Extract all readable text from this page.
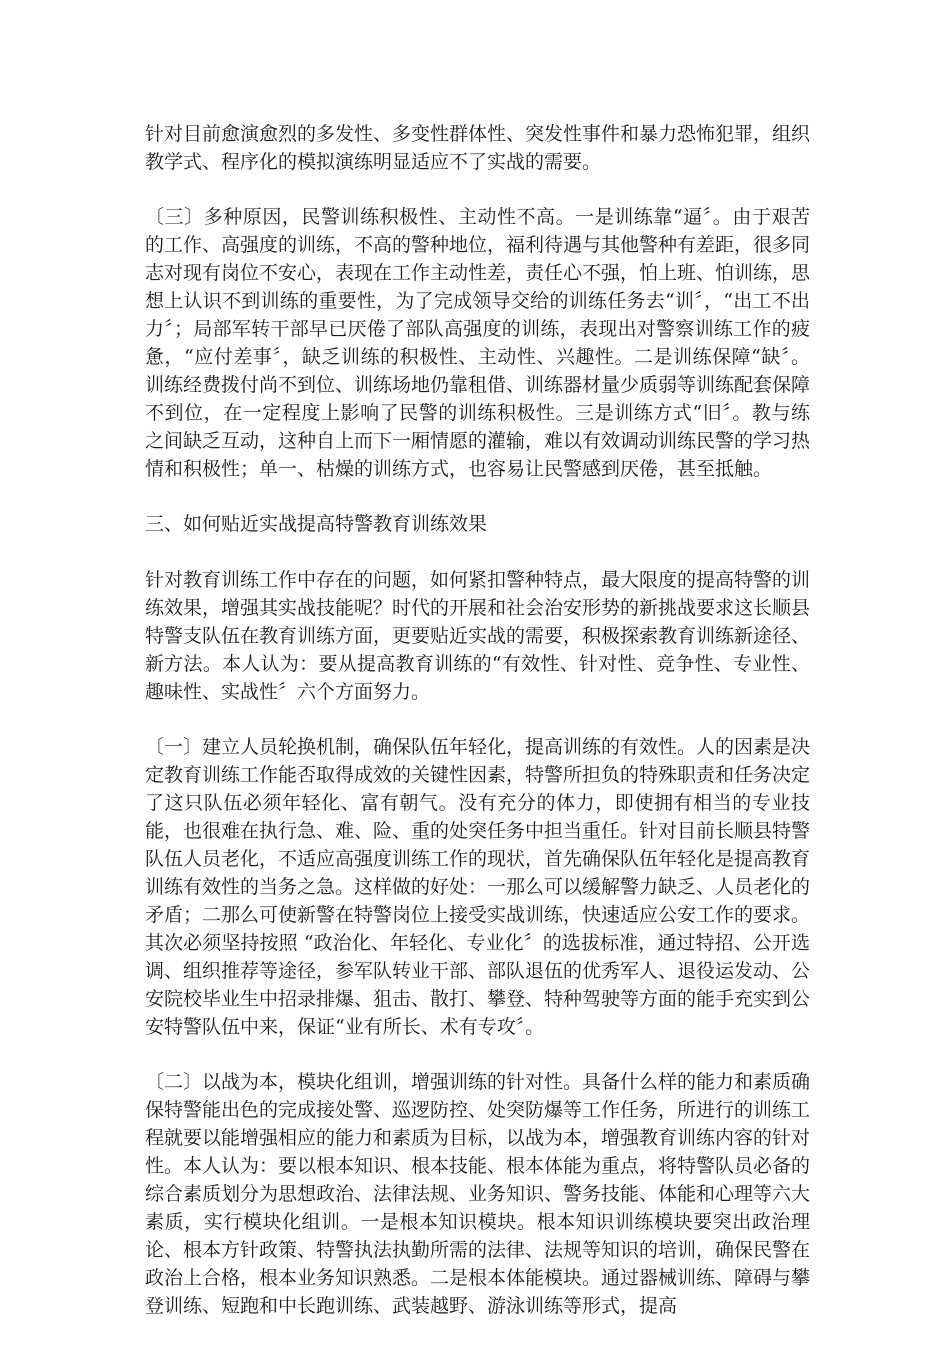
针对目前愈演愈烈的多发性、多变性群体性、突发性事件和暴力恐怖犯罪，组织教学式、程序化的模拟演练明显适应不了实战的需要。

〔三〕多种原因，民警训练积极性、主动性不高。一是训练靠“逼〞。由于艰苦的工作、高强度的训练，不高的警种地位，福利待遇与其他警种有差距，很多同志对现有岗位不安心，表现在工作主动性差，责任心不强，怕上班、怕训练，思想上认识不到训练的重要性，为了完成领导交给的训练任务去“训〞，“出工不出力〞；局部军转干部早已厌倦了部队高强度的训练，表现出对警察训练工作的疲惫，“应付差事〞，缺乏训练的积极性、主动性、兴趣性。二是训练保障“缺〞。训练经费拨付尚不到位、训练场地仍靠租借、训练器材量少质弱等训练配套保障不到位，在一定程度上影响了民警的训练积极性。三是训练方式“旧〞。教与练之间缺乏互动，这种自上而下一厢情愿的灌输，难以有效调动训练民警的学习热情和积极性；单一、枯燥的训练方式，也容易让民警感到厌倦，甚至抵触。

三、如何贴近实战提高特警教育训练效果

针对教育训练工作中存在的问题，如何紧扣警种特点，最大限度的提高特警的训练效果，增强其实战技能呢？时代的开展和社会治安形势的新挑战要求这长顺县特警支队伍在教育训练方面，更要贴近实战的需要，积极探索教育训练新途径、新方法。本人认为：要从提高教育训练的“有效性、针对性、竞争性、专业性、趣味性、实战性〞六个方面努力。

〔一〕建立人员轮换机制，确保队伍年轻化，提高训练的有效性。人的因素是决定教育训练工作能否取得成效的关键性因素，特警所担负的特殊职责和任务决定了这只队伍必须年轻化、富有朝气。没有充分的体力，即使拥有相当的专业技能，也很难在执行急、难、险、重的处突任务中担当重任。针对目前长顺县特警队伍人员老化，不适应高强度训练工作的现状，首先确保队伍年轻化是提高教育训练有效性的当务之急。这样做的好处：一那么可以缓解警力缺乏、人员老化的矛盾；二那么可使新警在特警岗位上接受实战训练，快速适应公安工作的要求。其次必须坚持按照 “政治化、年轻化、专业化〞的选拔标准，通过特招、公开选调、组织推荐等途径，参军队转业干部、部队退伍的优秀军人、退役运发动、公安院校毕业生中招录排爆、狙击、散打、攀登、特种驾驶等方面的能手充实到公安特警队伍中来，保证“业有所长、术有专攻〞。

〔二〕以战为本，模块化组训，增强训练的针对性。具备什么样的能力和素质确保特警能出色的完成接处警、巡逻防控、处突防爆等工作任务，所进行的训练工程就要以能增强相应的能力和素质为目标，以战为本，增强教育训练内容的针对性。本人认为：要以根本知识、根本技能、根本体能为重点，将特警队员必备的综合素质划分为思想政治、法律法规、业务知识、警务技能、体能和心理等六大素质，实行模块化组训。一是根本知识模块。根本知识训练模块要突出政治理论、根本方针政策、特警执法执勤所需的法律、法规等知识的培训，确保民警在政治上合格，根本业务知识熟悉。二是根本体能模块。通过器械训练、障碍与攀登训练、短跑和中长跑训练、武装越野、游泳训练等形式，提高
